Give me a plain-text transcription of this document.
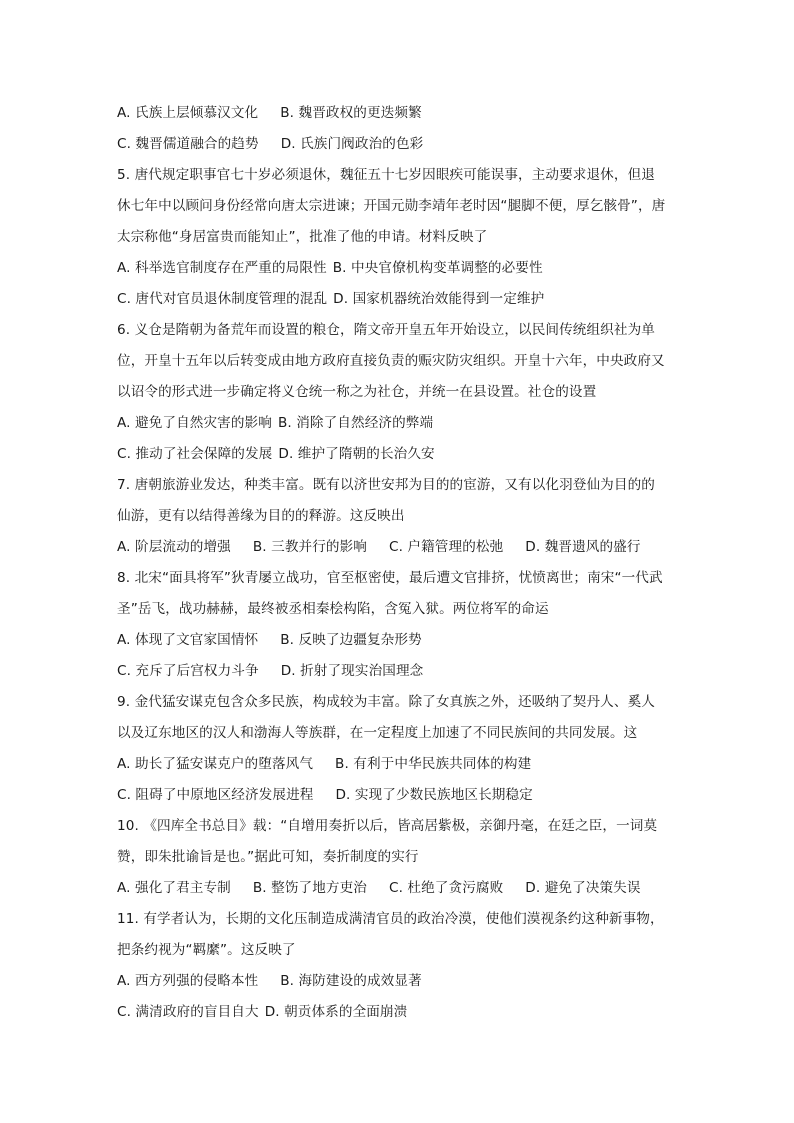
A. 氏族上层倾慕汉文化 B. 魏晋政权的更迭频繁
C. 魏晋儒道融合的趋势 D. 氏族门阀政治的色彩
5. 唐代规定职事官七十岁必须退休，魏征五十七岁因眼疾可能误事，主动要求退休，但退
休七年中以顾问身份经常向唐太宗进谏；开国元勋李靖年老时因“腿脚不便，厚乞骸骨”，唐
太宗称他“身居富贵而能知止”，批准了他的申请。材料反映了
A. 科举选官制度存在严重的局限性 B. 中央官僚机构变革调整的必要性
C. 唐代对官员退休制度管理的混乱 D. 国家机器统治效能得到一定维护
6. 义仓是隋朝为备荒年而设置的粮仓，隋文帝开皇五年开始设立，以民间传统组织社为单
位，开皇十五年以后转变成由地方政府直接负责的赈灾防灾组织。开皇十六年，中央政府又
以诏令的形式进一步确定将义仓统一称之为社仓，并统一在县设置。社仓的设置
A. 避免了自然灾害的影响 B. 消除了自然经济的弊端
C. 推动了社会保障的发展 D. 维护了隋朝的长治久安
7. 唐朝旅游业发达，种类丰富。既有以济世安邦为目的的宦游，又有以化羽登仙为目的的
仙游，更有以结得善缘为目的的释游。这反映出
A. 阶层流动的增强 B. 三教并行的影响 C. 户籍管理的松弛 D. 魏晋遗风的盛行
8. 北宋“面具将军”狄青屡立战功，官至枢密使，最后遭文官排挤，忧愤离世；南宋“一代武
圣”岳飞，战功赫赫，最终被丞相秦桧构陷，含冤入狱。两位将军的命运
A. 体现了文官家国情怀 B. 反映了边疆复杂形势
C. 充斥了后宫权力斗争 D. 折射了现实治国理念
9. 金代猛安谋克包含众多民族，构成较为丰富。除了女真族之外，还吸纳了契丹人、奚人
以及辽东地区的汉人和渤海人等族群，在一定程度上加速了不同民族间的共同发展。这
A. 助长了猛安谋克户的堕落风气 B. 有利于中华民族共同体的构建
C. 阻碍了中原地区经济发展进程 D. 实现了少数民族地区长期稳定
10. 《四库全书总目》载：“自增用奏折以后，皆高居紫极，亲御丹毫，在廷之臣，一词莫
赞，即朱批谕旨是也。”据此可知，奏折制度的实行
A. 强化了君主专制 B. 整饬了地方吏治 C. 杜绝了贪污腐败 D. 避免了决策失误
11. 有学者认为，长期的文化压制造成满清官员的政治冷漠，使他们漠视条约这种新事物，
把条约视为“羁縻”。这反映了
A. 西方列强的侵略本性 B. 海防建设的成效显著
C. 满清政府的盲目自大 D. 朝贡体系的全面崩溃
